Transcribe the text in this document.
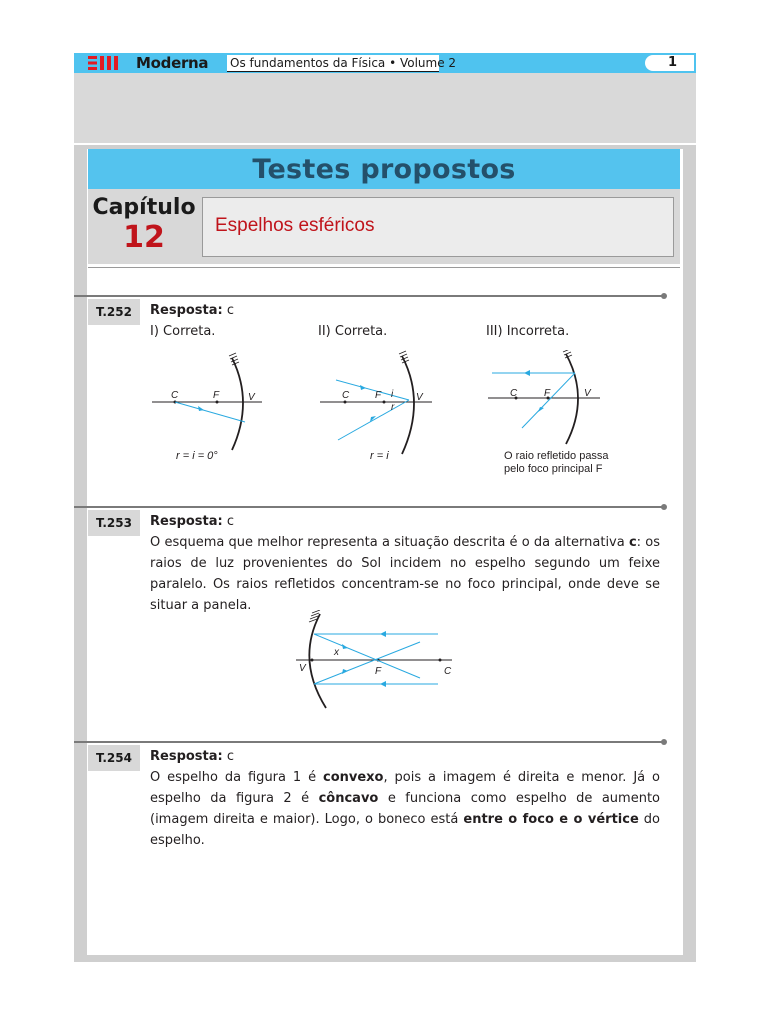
Moderna Os fundamentos da Física • Volume 2	1
Testes propostos
Capítulo
12	Espelhos esféricos
T.252	Resposta: c
I) Correta.	II) Correta.	III) Incorreta.
C	F	V
r = i = 0°
C	F i
r
V
r = i
C	F	V
O raio refletido passa
pelo foco principal F
T.253	Resposta: c
O esquema que melhor representa a situação descrita é o da alternativa c: os raios de luz provenientes do Sol incidem no espelho segundo um feixe paralelo. Os raios refletidos concentram-se no foco principal, onde deve se situar a panela.
x
V	F	C
T.254	Resposta: c
O espelho da figura 1 é convexo, pois a imagem é direita e menor. Já o espelho da figura 2 é côncavo e funciona como espelho de aumento (imagem direita e maior). Logo, o boneco está entre o foco e o vértice do espelho.
